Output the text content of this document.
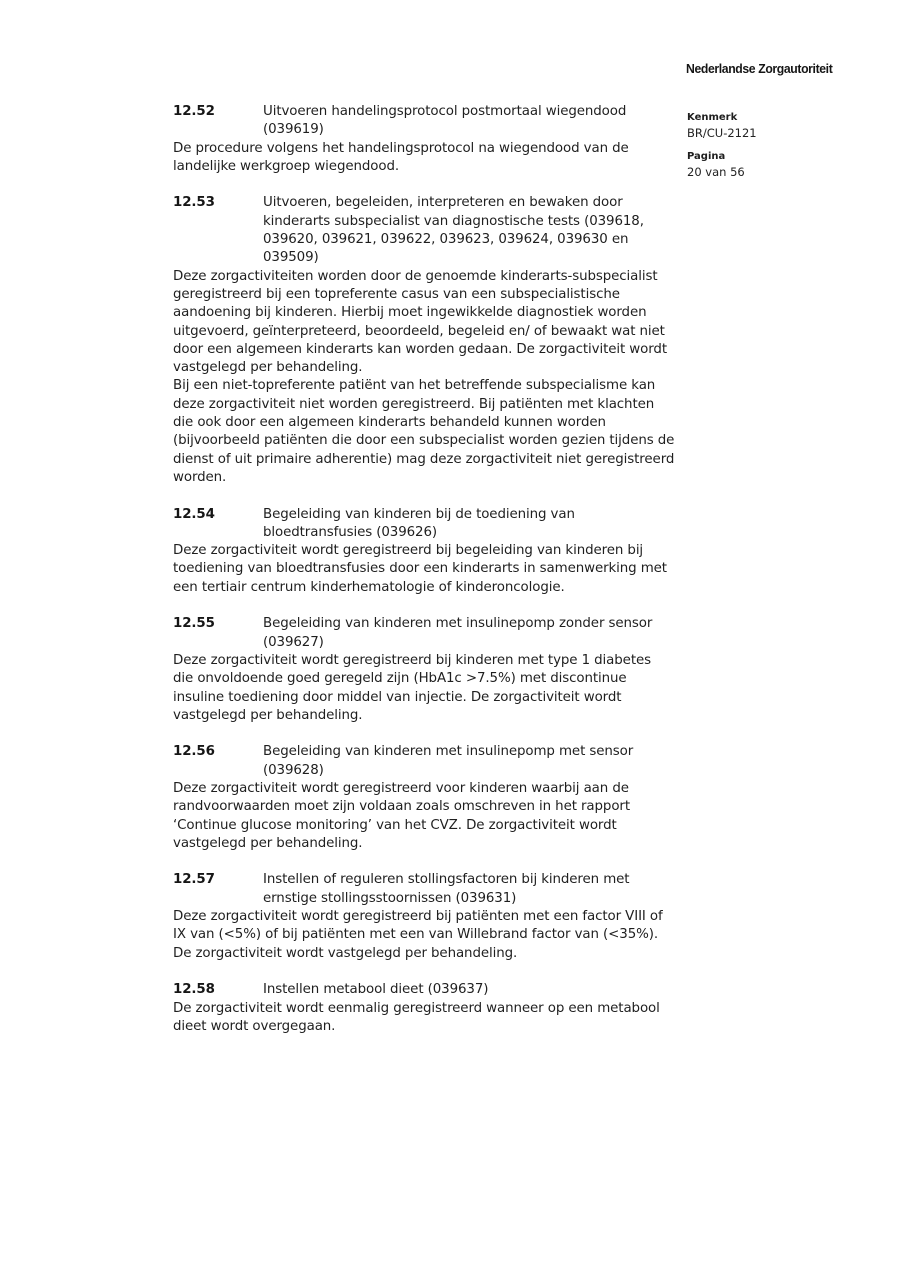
Nederlandse Zorgautoriteit
Kenmerk
BR/CU-2121
Pagina
20 van 56
12.52	Uitvoeren handelingsprotocol postmortaal wiegendood (039619)

De procedure volgens het handelingsprotocol na wiegendood van de landelijke werkgroep wiegendood.

12.53	Uitvoeren, begeleiden, interpreteren en bewaken door kinderarts subspecialist van diagnostische tests (039618, 039620, 039621, 039622, 039623, 039624, 039630 en 039509)

Deze zorgactiviteiten worden door de genoemde kinderarts-subspecialist geregistreerd bij een topreferente casus van een subspecialistische aandoening bij kinderen. Hierbij moet ingewikkelde diagnostiek worden uitgevoerd, geïnterpreteerd, beoordeeld, begeleid en/ of bewaakt wat niet door een algemeen kinderarts kan worden gedaan. De zorgactiviteit wordt vastgelegd per behandeling.

Bij een niet-topreferente patiënt van het betreffende subspecialisme kan deze zorgactiviteit niet worden geregistreerd. Bij patiënten met klachten die ook door een algemeen kinderarts behandeld kunnen worden (bijvoorbeeld patiënten die door een subspecialist worden gezien tijdens de dienst of uit primaire adherentie) mag deze zorgactiviteit niet geregistreerd worden.

12.54	Begeleiding van kinderen bij de toediening van bloedtransfusies (039626)

Deze zorgactiviteit wordt geregistreerd bij begeleiding van kinderen bij toediening van bloedtransfusies door een kinderarts in samenwerking met een tertiair centrum kinderhematologie of kinderoncologie.

12.55	Begeleiding van kinderen met insulinepomp zonder sensor (039627)

Deze zorgactiviteit wordt geregistreerd bij kinderen met type 1 diabetes die onvoldoende goed geregeld zijn (HbA1c >7.5%) met discontinue insuline toediening door middel van injectie. De zorgactiviteit wordt vastgelegd per behandeling.

12.56	Begeleiding van kinderen met insulinepomp met sensor (039628)

Deze zorgactiviteit wordt geregistreerd voor kinderen waarbij aan de randvoorwaarden moet zijn voldaan zoals omschreven in het rapport ‘Continue glucose monitoring’ van het CVZ. De zorgactiviteit wordt vastgelegd per behandeling.

12.57	Instellen of reguleren stollingsfactoren bij kinderen met ernstige stollingsstoornissen (039631)

Deze zorgactiviteit wordt geregistreerd bij patiënten met een factor VIII of IX van (<5%) of bij patiënten met een van Willebrand factor van (<35%). De zorgactiviteit wordt vastgelegd per behandeling.

12.58	Instellen metabool dieet (039637)

De zorgactiviteit wordt eenmalig geregistreerd wanneer op een metabool dieet wordt overgegaan.
